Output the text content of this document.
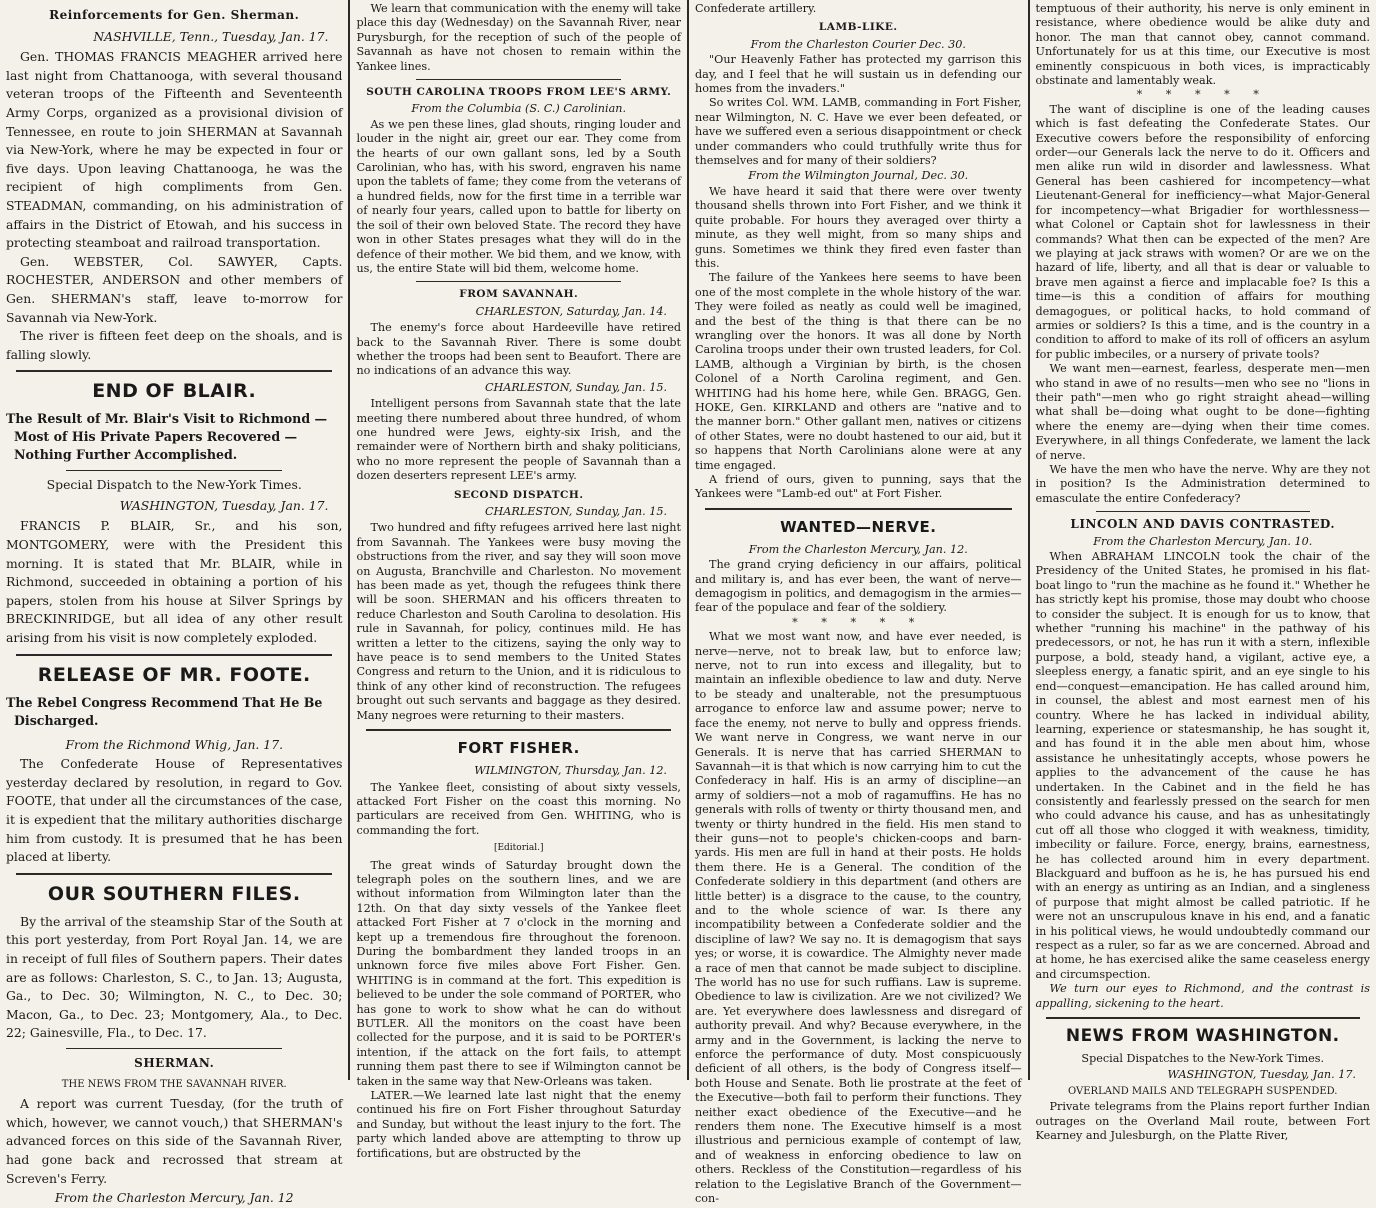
Reinforcements for Gen. Sherman.
NASHVILLE, Tenn., Tuesday, Jan. 17.

Gen. THOMAS FRANCIS MEAGHER arrived here last night from Chattanooga, with several thousand veteran troops of the Fifteenth and Seventeenth Army Corps, organized as a provisional division of Tennessee, en route to join SHERMAN at Savannah via New-York, where he may be expected in four or five days. Upon leaving Chattanooga, he was the recipient of high compliments from Gen. STEADMAN, commanding, on his administration of affairs in the District of Etowah, and his success in protecting steamboat and railroad transportation.

Gen. WEBSTER, Col. SAWYER, Capts. ROCHESTER, ANDERSON and other members of Gen. SHERMAN's staff, leave to-morrow for Savannah via New-York.

The river is fifteen feet deep on the shoals, and is falling slowly.

END OF BLAIR.
The Result of Mr. Blair's Visit to Richmond —Most of His Private Papers Recovered —Nothing Further Accomplished.
Special Dispatch to the New-York Times.
WASHINGTON, Tuesday, Jan. 17.

FRANCIS P. BLAIR, Sr., and his son, MONTGOMERY, were with the President this morning. It is stated that Mr. BLAIR, while in Richmond, succeeded in obtaining a portion of his papers, stolen from his house at Silver Springs by BRECKINRIDGE, but all idea of any other result arising from his visit is now completely exploded.

RELEASE OF MR. FOOTE.
The Rebel Congress Recommend That He Be Discharged.
From the Richmond Whig, Jan. 17.

The Confederate House of Representatives yesterday declared by resolution, in regard to Gov. FOOTE, that under all the circumstances of the case, it is expedient that the military authorities discharge him from custody. It is presumed that he has been placed at liberty.

OUR SOUTHERN FILES.

By the arrival of the steamship Star of the South at this port yesterday, from Port Royal Jan. 14, we are in receipt of full files of Southern papers. Their dates are as follows: Charleston, S. C., to Jan. 13; Augusta, Ga., to Dec. 30; Wilmington, N. C., to Dec. 30; Macon, Ga., to Dec. 23; Montgomery, Ala., to Dec. 22; Gainesville, Fla., to Dec. 17.

SHERMAN.
THE NEWS FROM THE SAVANNAH RIVER.

A report was current Tuesday, (for the truth of which, however, we cannot vouch,) that SHERMAN's advanced forces on this side of the Savannah River, had gone back and recrossed that stream at Screven's Ferry.

From the Charleston Mercury, Jan. 12

We learn that communication with the enemy will take place this day (Wednesday) on the Savannah River, near Purysburgh, for the reception of such of the people of Savannah as have not chosen to remain within the Yankee lines.

SOUTH CAROLINA TROOPS FROM LEE'S ARMY.
From the Columbia (S. C.) Carolinian.

As we pen these lines, glad shouts, ringing louder and louder in the night air, greet our ear. They come from the hearts of our own gallant sons, led by a South Carolinian, who has, with his sword, engraven his name upon the tablets of fame; they come from the veterans of a hundred fields, now for the first time in a terrible war of nearly four years, called upon to battle for liberty on the soil of their own beloved State. The record they have won in other States presages what they will do in the defence of their mother. We bid them, and we know, with us, the entire State will bid them, welcome home.

FROM SAVANNAH.
CHARLESTON, Saturday, Jan. 14.

The enemy's force about Hardeeville have retired back to the Savannah River. There is some doubt whether the troops had been sent to Beaufort. There are no indications of an advance this way.

CHARLESTON, Sunday, Jan. 15.

Intelligent persons from Savannah state that the late meeting there numbered about three hundred, of whom one hundred were Jews, eighty-six Irish, and the remainder were of Northern birth and shaky politicians, who no more represent the people of Savannah than a dozen deserters represent LEE's army.

SECOND DISPATCH.
CHARLESTON, Sunday, Jan. 15.

Two hundred and fifty refugees arrived here last night from Savannah. The Yankees were busy moving the obstructions from the river, and say they will soon move on Augusta, Branchville and Charleston. No movement has been made as yet, though the refugees think there will be soon. SHERMAN and his officers threaten to reduce Charleston and South Carolina to desolation. His rule in Savannah, for policy, continues mild. He has written a letter to the citizens, saying the only way to have peace is to send members to the United States Congress and return to the Union, and it is ridiculous to think of any other kind of reconstruction. The refugees brought out such servants and baggage as they desired. Many negroes were returning to their masters.

FORT FISHER.
WILMINGTON, Thursday, Jan. 12.

The Yankee fleet, consisting of about sixty vessels, attacked Fort Fisher on the coast this morning. No particulars are received from Gen. WHITING, who is commanding the fort.

[Editorial.]

The great winds of Saturday brought down the telegraph poles on the southern lines, and we are without information from Wilmington later than the 12th. On that day sixty vessels of the Yankee fleet attacked Fort Fisher at 7 o'clock in the morning and kept up a tremendous fire throughout the forenoon. During the bombardment they landed troops in an unknown force five miles above Fort Fisher. Gen. WHITING is in command at the fort. This expedition is believed to be under the sole command of PORTER, who has gone to work to show what he can do without BUTLER. All the monitors on the coast have been collected for the purpose, and it is said to be PORTER's intention, if the attack on the fort fails, to attempt running them past there to see if Wilmington cannot be taken in the same way that New-Orleans was taken.

LATER.—We learned late last night that the enemy continued his fire on Fort Fisher throughout Saturday and Sunday, but without the least injury to the fort. The party which landed above are attempting to throw up fortifications, but are obstructed by the

Confederate artillery.

LAMB-LIKE.
From the Charleston Courier Dec. 30.

"Our Heavenly Father has protected my garrison this day, and I feel that he will sustain us in defending our homes from the invaders."

So writes Col. WM. LAMB, commanding in Fort Fisher, near Wilmington, N. C. Have we ever been defeated, or have we suffered even a serious disappointment or check under commanders who could truthfully write thus for themselves and for many of their soldiers?

From the Wilmington Journal, Dec. 30.

We have heard it said that there were over twenty thousand shells thrown into Fort Fisher, and we think it quite probable. For hours they averaged over thirty a minute, as they well might, from so many ships and guns. Sometimes we think they fired even faster than this.

The failure of the Yankees here seems to have been one of the most complete in the whole history of the war. They were foiled as neatly as could well be imagined, and the best of the thing is that there can be no wrangling over the honors. It was all done by North Carolina troops under their own trusted leaders, for Col. LAMB, although a Virginian by birth, is the chosen Colonel of a North Carolina regiment, and Gen. WHITING had his home here, while Gen. BRAGG, Gen. HOKE, Gen. KIRKLAND and others are "native and to the manner born." Other gallant men, natives or citizens of other States, were no doubt hastened to our aid, but it so happens that North Carolinians alone were at any time engaged.

A friend of ours, given to punning, says that the Yankees were "Lamb-ed out" at Fort Fisher.

WANTED—NERVE.
From the Charleston Mercury, Jan. 12.

The grand crying deficiency in our affairs, political and military is, and has ever been, the want of nerve—demagogism in politics, and demagogism in the armies—fear of the populace and fear of the soldiery.

* * * * *

What we most want now, and have ever needed, is nerve—nerve, not to break law, but to enforce law; nerve, not to run into excess and illegality, but to maintain an inflexible obedience to law and duty. Nerve to be steady and unalterable, not the presumptuous arrogance to enforce law and assume power; nerve to face the enemy, not nerve to bully and oppress friends. We want nerve in Congress, we want nerve in our Generals. It is nerve that has carried SHERMAN to Savannah—it is that which is now carrying him to cut the Confederacy in half. His is an army of discipline—an army of soldiers—not a mob of ragamuffins. He has no generals with rolls of twenty or thirty thousand men, and twenty or thirty hundred in the field. His men stand to their guns—not to people's chicken-coops and barn-yards. His men are full in hand at their posts. He holds them there. He is a General. The condition of the Confederate soldiery in this department (and others are little better) is a disgrace to the cause, to the country, and to the whole science of war. Is there any incompatibility between a Confederate soldier and the discipline of law? We say no. It is demagogism that says yes; or worse, it is cowardice. The Almighty never made a race of men that cannot be made subject to discipline. The world has no use for such ruffians. Law is supreme. Obedience to law is civilization. Are we not civilized? We are. Yet everywhere does lawlessness and disregard of authority prevail. And why? Because everywhere, in the army and in the Government, is lacking the nerve to enforce the performance of duty. Most conspicuously deficient of all others, is the body of Congress itself—both House and Senate. Both lie prostrate at the feet of the Executive—both fail to perform their functions. They neither exact obedience of the Executive—and he renders them none. The Executive himself is a most illustrious and pernicious example of contempt of law, and of weakness in enforcing obedience to law on others. Reckless of the Constitution—regardless of his relation to the Legislative Branch of the Government—con-

temptuous of their authority, his nerve is only eminent in resistance, where obedience would be alike duty and honor. The man that cannot obey, cannot command. Unfortunately for us at this time, our Executive is most eminently conspicuous in both vices, is impracticably obstinate and lamentably weak.

* * * * *

The want of discipline is one of the leading causes which is fast defeating the Confederate States. Our Executive cowers before the responsibility of enforcing order—our Generals lack the nerve to do it. Officers and men alike run wild in disorder and lawlessness. What General has been cashiered for incompetency—what Lieutenant-General for inefficiency—what Major-General for incompetency—what Brigadier for worthlessness—what Colonel or Captain shot for lawlessness in their commands? What then can be expected of the men? Are we playing at jack straws with women? Or are we on the hazard of life, liberty, and all that is dear or valuable to brave men against a fierce and implacable foe? Is this a time—is this a condition of affairs for mouthing demagogues, or political hacks, to hold command of armies or soldiers? Is this a time, and is the country in a condition to afford to make of its roll of officers an asylum for public imbeciles, or a nursery of private tools?

We want men—earnest, fearless, desperate men—men who stand in awe of no results—men who see no "lions in their path"—men who go right straight ahead—willing what shall be—doing what ought to be done—fighting where the enemy are—dying when their time comes. Everywhere, in all things Confederate, we lament the lack of nerve.

We have the men who have the nerve. Why are they not in position? Is the Administration determined to emasculate the entire Confederacy?

LINCOLN AND DAVIS CONTRASTED.
From the Charleston Mercury, Jan. 10.

When ABRAHAM LINCOLN took the chair of the Presidency of the United States, he promised in his flat-boat lingo to "run the machine as he found it." Whether he has strictly kept his promise, those may doubt who choose to consider the subject. It is enough for us to know, that whether "running his machine" in the pathway of his predecessors, or not, he has run it with a stern, inflexible purpose, a bold, steady hand, a vigilant, active eye, a sleepless energy, a fanatic spirit, and an eye single to his end—conquest—emancipation. He has called around him, in counsel, the ablest and most earnest men of his country. Where he has lacked in individual ability, learning, experience or statesmanship, he has sought it, and has found it in the able men about him, whose assistance he unhesitatingly accepts, whose powers he applies to the advancement of the cause he has undertaken. In the Cabinet and in the field he has consistently and fearlessly pressed on the search for men who could advance his cause, and has as unhesitatingly cut off all those who clogged it with weakness, timidity, imbecility or failure. Force, energy, brains, earnestness, he has collected around him in every department. Blackguard and buffoon as he is, he has pursued his end with an energy as untiring as an Indian, and a singleness of purpose that might almost be called patriotic. If he were not an unscrupulous knave in his end, and a fanatic in his political views, he would undoubtedly command our respect as a ruler, so far as we are concerned. Abroad and at home, he has exercised alike the same ceaseless energy and circumspection.

We turn our eyes to Richmond, and the contrast is appalling, sickening to the heart.

NEWS FROM WASHINGTON.
Special Dispatches to the New-York Times.
WASHINGTON, Tuesday, Jan. 17.
OVERLAND MAILS AND TELEGRAPH SUSPENDED.

Private telegrams from the Plains report further Indian outrages on the Overland Mail route, between Fort Kearney and Julesburgh, on the Platte River,
